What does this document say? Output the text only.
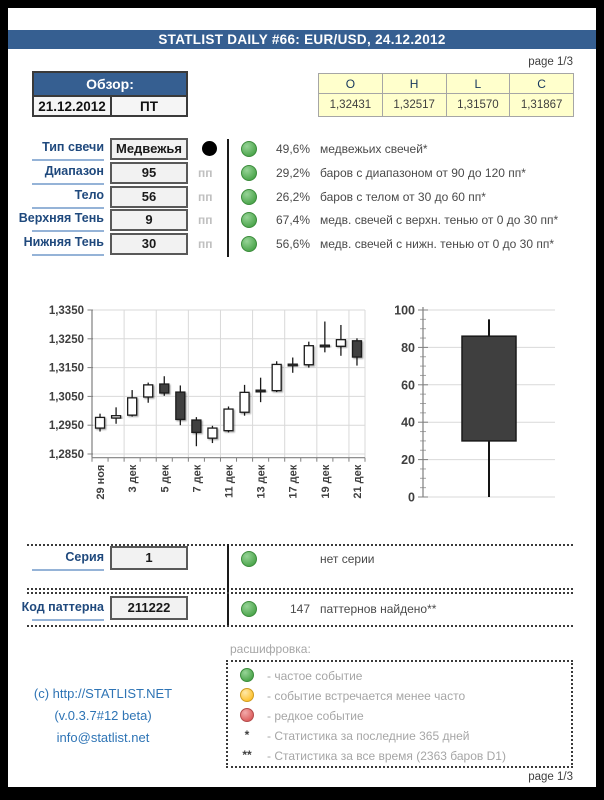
STATLIST DAILY #66: EUR/USD, 24.12.2012
page 1/3
Обзор:
21.12.2012	ПТ
O	H	L	C
1,32431	1,32517	1,31570	1,31867
Тип свечи Медвежья	49,6% медвежьих свечей*
Диапазон	95	пп	29,2% баров с диапазоном от 90 до 120 пп*
Тело	56	пп	26,2% баров с телом от 30 до 60 пп*
Верхняя Тень	9	пп	67,4% медв. свечей с верхн. тенью от 0 до 30 пп*
Нижняя Тень	30	пп	56,6% медв. свечей с нижн. тенью от 0 до 30 пп*
1,3350
1,3250
1,3150
1,3050
1,2950
1,2850
29 ноя 3 дек 5 дек 7 дек 11 дек 13 дек 17 дек 19 дек 21 дек	0
20
40
60
80
100
Серия	1	нет серии
Код паттерна	211222	147 паттернов найдено**
расшифровка:
- частое событие
- событие встречается менее часто
- редкое событие
*	- Статистика за последние 365 дней
**	- Статистика за все время (2363 баров D1)
(c) http://STATLIST.NET
(v.0.3.7#12 beta)
info@statlist.net
page 1/3
